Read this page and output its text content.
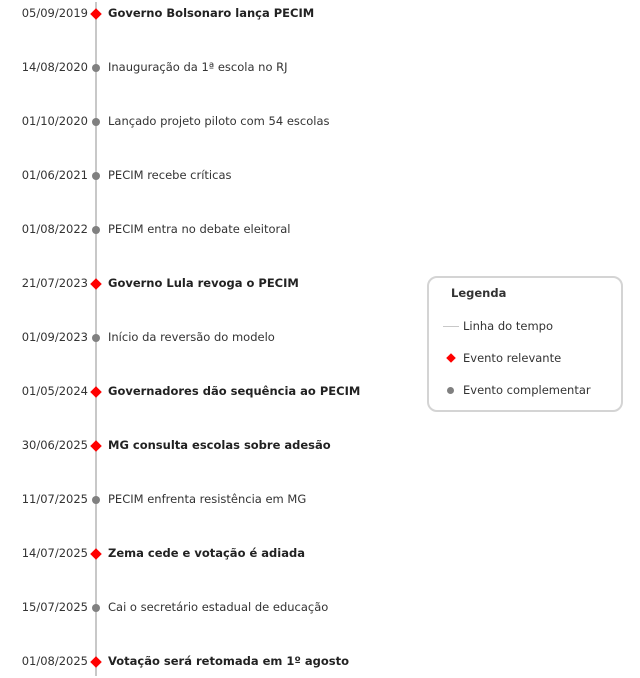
05/09/2019 Governo Bolsonaro lança PECIM
14/08/2020 Inauguração da 1ª escola no RJ
01/10/2020 Lançado projeto piloto com 54 escolas
01/06/2021 PECIM recebe críticas
01/08/2022 PECIM entra no debate eleitoral
21/07/2023 Governo Lula revoga o PECIM
01/09/2023 Início da reversão do modelo
01/05/2024 Governadores dão sequência ao PECIM
30/06/2025 MG consulta escolas sobre adesão
11/07/2025 PECIM enfrenta resistência em MG
14/07/2025 Zema cede e votação é adiada
15/07/2025 Cai o secretário estadual de educação
01/08/2025 Votação será retomada em 1º agosto
Legenda
Linha do tempo
Evento relevante
Evento complementar
